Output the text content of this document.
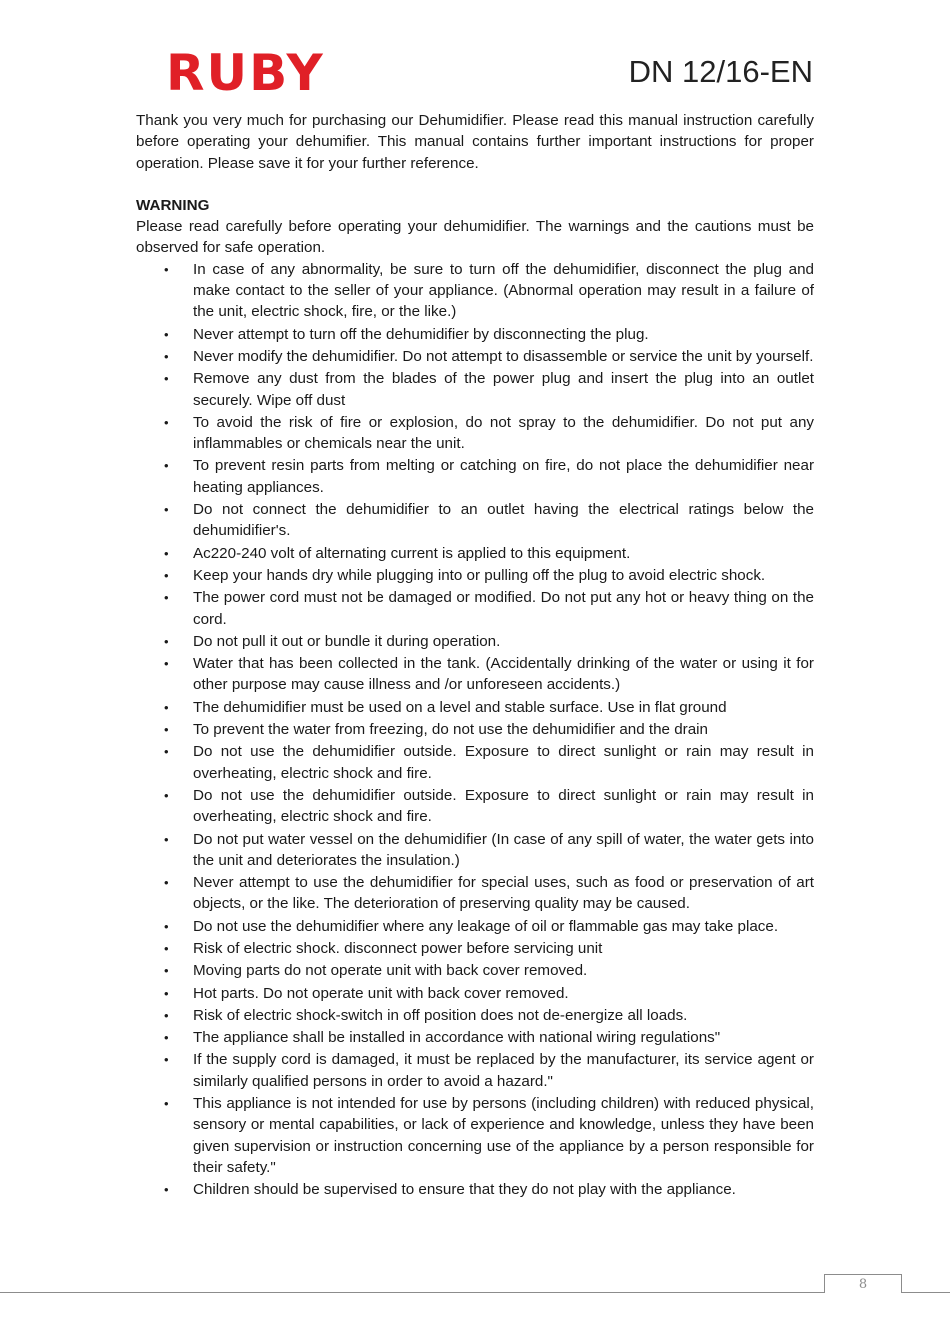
RUBY	DN 12/16-EN

Thank you very much for purchasing our Dehumidifier. Please read this manual instruction carefully before operating your dehumifier. This manual contains further important instructions for proper operation. Please save it for your further reference.

WARNING

Please read carefully before operating your dehumidifier. The warnings and the cautions must be observed for safe operation.

• In case of any abnormality, be sure to turn off the dehumidifier, disconnect the plug and make contact to the seller of your appliance. (Abnormal operation may result in a failure of the unit, electric shock, fire, or the like.)
• Never attempt to turn off the dehumidifier by disconnecting the plug.
• Never modify the dehumidifier. Do not attempt to disassemble or service the unit by yourself.
• Remove any dust from the blades of the power plug and insert the plug into an outlet securely. Wipe off dust
• To avoid the risk of fire or explosion, do not spray to the dehumidifier. Do not put any inflammables or chemicals near the unit.
• To prevent resin parts from melting or catching on fire, do not place the dehumidifier near heating appliances.
• Do not connect the dehumidifier to an outlet having the electrical ratings below the dehumidifier's.
• Ac220-240 volt of alternating current is applied to this equipment.
• Keep your hands dry while plugging into or pulling off the plug to avoid electric shock.
• The power cord must not be damaged or modified. Do not put any hot or heavy thing on the cord.
• Do not pull it out or bundle it during operation.
• Water that has been collected in the tank. (Accidentally drinking of the water or using it for other purpose may cause illness and /or unforeseen accidents.)
• The dehumidifier must be used on a level and stable surface. Use in flat ground
• To prevent the water from freezing, do not use the dehumidifier and the drain
• Do not use the dehumidifier outside. Exposure to direct sunlight or rain may result in overheating, electric shock and fire.
• Do not use the dehumidifier outside. Exposure to direct sunlight or rain may result in overheating, electric shock and fire.
• Do not put water vessel on the dehumidifier (In case of any spill of water, the water gets into the unit and deteriorates the insulation.)
• Never attempt to use the dehumidifier for special uses, such as food or preservation of art objects, or the like. The deterioration of preserving quality may be caused.
• Do not use the dehumidifier where any leakage of oil or flammable gas may take place.
• Risk of electric shock. disconnect power before servicing unit
• Moving parts do not operate unit with back cover removed.
• Hot parts. Do not operate unit with back cover removed.
• Risk of electric shock-switch in off position does not de-energize all loads.
• The appliance shall be installed in accordance with national wiring regulations"
• If the supply cord is damaged, it must be replaced by the manufacturer, its service agent or similarly qualified persons in order to avoid a hazard."
• This appliance is not intended for use by persons (including children) with reduced physical, sensory or mental capabilities, or lack of experience and knowledge, unless they have been given supervision or instruction concerning use of the appliance by a person responsible for their safety."
• Children should be supervised to ensure that they do not play with the appliance.
8
